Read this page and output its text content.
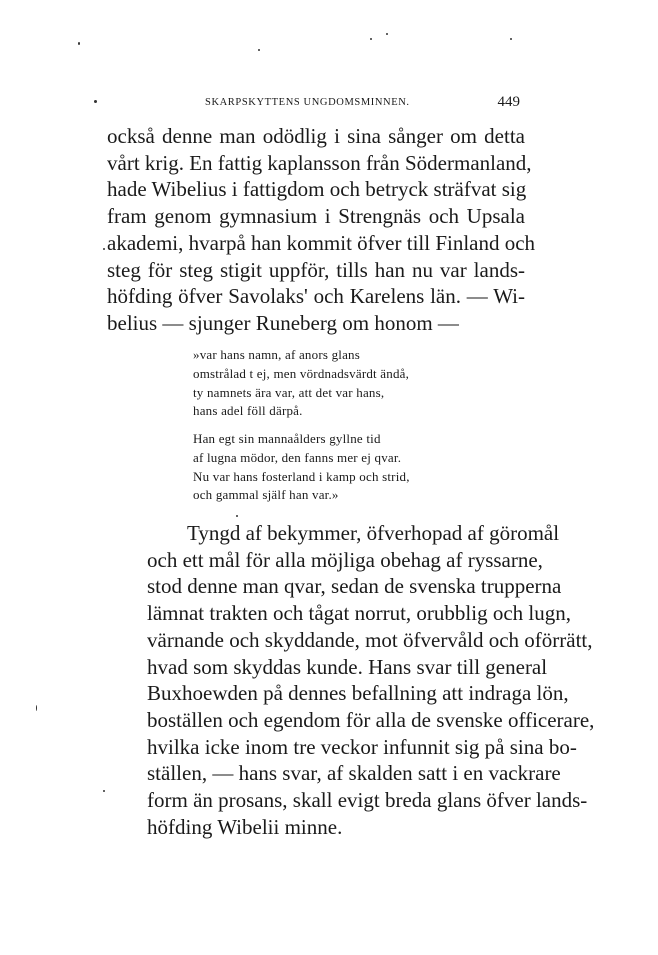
SKARPSKYTTENS UNGDOMSMINNEN.	449

också denne man odödlig i sina sånger om detta
vårt krig. En fattig kaplansson från Södermanland,
hade Wibelius i fattigdom och betryck sträfvat sig
fram genom gymnasium i Strengnäs och Upsala
akademi, hvarpå han kommit öfver till Finland och
steg för steg stigit uppför, tills han nu var lands-
höfding öfver Savolaks' och Karelens län. — Wi-
belius — sjunger Runeberg om honom —

»var hans namn, af anors glans
omstrålad t ej, men vördnadsvärdt ändå,
ty namnets ära var, att det var hans,
hans adel föll därpå.
Han egt sin mannaålders gyllne tid
af lugna mödor, den fanns mer ej qvar.
Nu var hans fosterland i kamp och strid,
och gammal själf han var.»

Tyngd af bekymmer, öfverhopad af göromål
och ett mål för alla möjliga obehag af ryssarne,
stod denne man qvar, sedan de svenska trupperna
lämnat trakten och tågat norrut, orubblig och lugn,
värnande och skyddande, mot öfvervåld och oförrätt,
hvad som skyddas kunde. Hans svar till general
Buxhoewden på dennes befallning att indraga lön,
boställen och egendom för alla de svenske officerare,
hvilka icke inom tre veckor infunnit sig på sina bo-
ställen, — hans svar, af skalden satt i en vackrare
form än prosans, skall evigt breda glans öfver lands-
höfding Wibelii minne.
